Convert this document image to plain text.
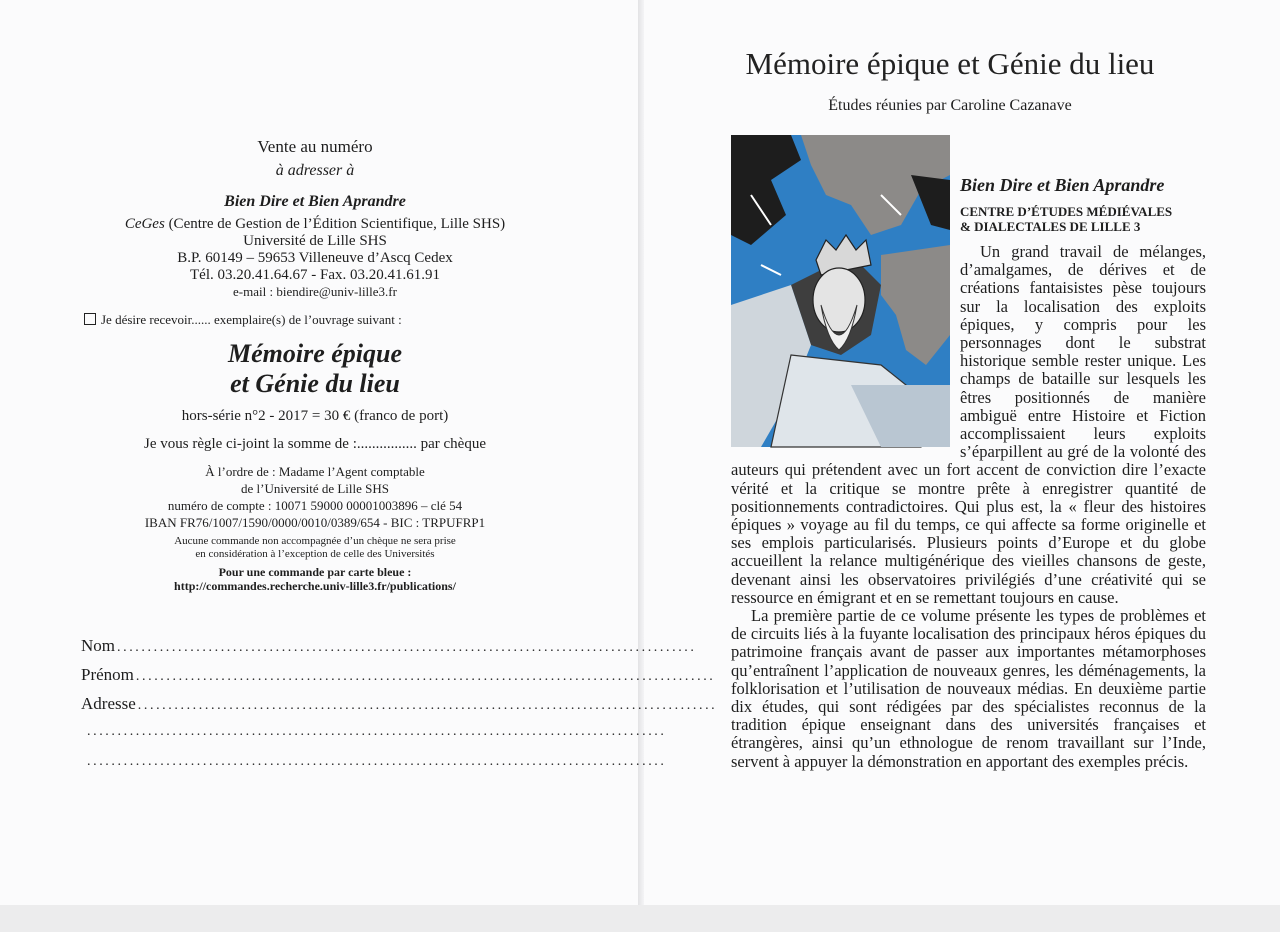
Vente au numéro
à adresser à
Bien Dire et Bien Aprandre
CeGes (Centre de Gestion de l’Édition Scientifique, Lille SHS)
Université de Lille SHS
B.P. 60149 – 59653 Villeneuve d’Ascq Cedex
Tél. 03.20.41.64.67 - Fax. 03.20.41.61.91
e-mail : biendire@univ-lille3.fr
Je désire recevoir...... exemplaire(s) de l’ouvrage suivant :
Mémoire épique
et Génie du lieu
hors-série n°2 - 2017 = 30 € (franco de port)
Je vous règle ci-joint la somme de :................ par chèque
À l’ordre de : Madame l’Agent comptable
de l’Université de Lille SHS
numéro de compte : 10071 59000 00001003896 – clé 54
IBAN FR76/1007/1590/0000/0010/0389/654 - BIC : TRPUFRP1
Aucune commande non accompagnée d’un chèque ne sera prise
en considération à l’exception de celle des Universités
Pour une commande par carte bleue :
http://commandes.recherche.univ-lille3.fr/publications/
Nom ...............................................................................................
Prénom ...............................................................................................
Adresse ...............................................................................................
...............................................................................................
...............................................................................................
Mémoire épique et Génie du lieu
Études réunies par Caroline Cazanave
Bien Dire et Bien Aprandre
CENTRE D’ÉTUDES MÉDIÉVALES
& DIALECTALES DE LILLE 3

Un grand travail de mélanges, d’amalgames, de dérives et de créations fantaisistes pèse toujours sur la localisation des exploits épiques, y compris pour les personnages dont le substrat historique semble rester unique. Les champs de bataille sur lesquels les êtres positionnés de manière ambiguë entre Histoire et Fiction accomplissaient leurs exploits s’éparpillent au gré de la volonté des auteurs qui prétendent avec un fort accent de conviction dire l’exacte vérité et la critique se montre prête à enregistrer quantité de positionnements contradictoires. Qui plus est, la « fleur des histoires épiques » voyage au fil du temps, ce qui affecte sa forme originelle et ses emplois particularisés. Plusieurs points d’Europe et du globe accueillent la relance multigénérique des vieilles chansons de geste, devenant ainsi les observatoires privilégiés d’une créativité qui se ressource en émigrant et en se remettant toujours en cause.

La première partie de ce volume présente les types de problèmes et de circuits liés à la fuyante localisation des principaux héros épiques du patrimoine français avant de passer aux importantes métamorphoses qu’entraînent l’application de nouveaux genres, les déménagements, la folklorisation et l’utilisation de nouveaux médias. En deuxième partie dix études, qui sont rédigées par des spécialistes reconnus de la tradition épique enseignant dans des universités françaises et étrangères, ainsi qu’un ethnologue de renom travaillant sur l’Inde, servent à appuyer la démonstration en apportant des exemples précis.
